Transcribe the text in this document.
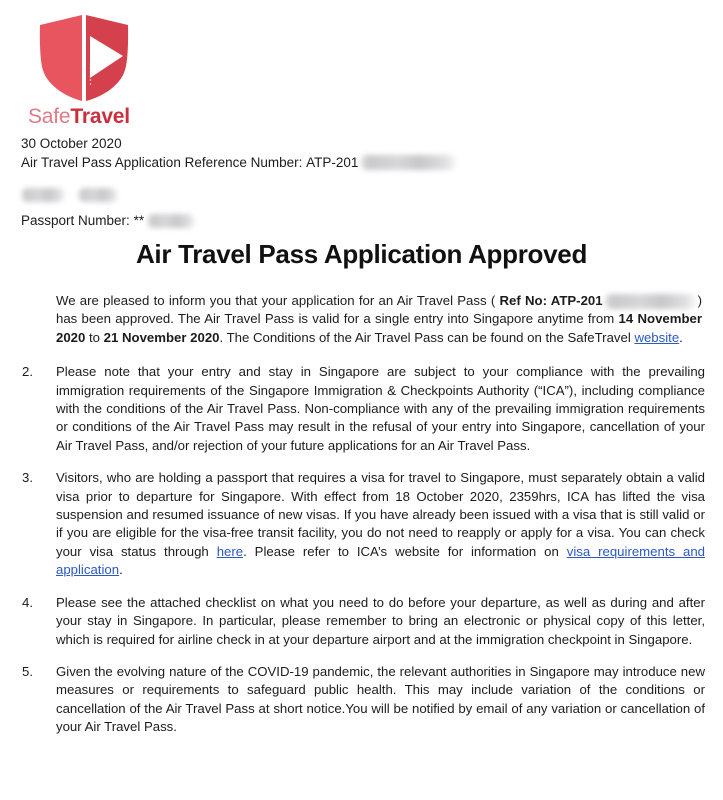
SafeTravel
30 October 2020
Air Travel Pass Application Reference Number:
ATP-201
Passport Number:
**
Air Travel Pass Application Approved
We are pleased to inform you that your application for an Air Travel Pass ( Ref No: ATP-201	) has been approved. The Air Travel Pass is valid for a single entry into Singapore anytime from 14 November 2020 to 21 November 2020. The Conditions of the Air Travel Pass can be found on the SafeTravel website.
2.	Please note that your entry and stay in Singapore are subject to your compliance with the prevailing immigration requirements of the Singapore Immigration & Checkpoints Authority (“ICA”), including compliance with the conditions of the Air Travel Pass. Non-compliance with any of the prevailing immigration requirements or conditions of the Air Travel Pass may result in the refusal of your entry into Singapore, cancellation of your Air Travel Pass, and/or rejection of your future applications for an Air Travel Pass.
3.	Visitors, who are holding a passport that requires a visa for travel to Singapore, must separately obtain a valid visa prior to departure for Singapore. With effect from 18 October 2020, 2359hrs, ICA has lifted the visa suspension and resumed issuance of new visas. If you have already been issued with a visa that is still valid or if you are eligible for the visa-free transit facility, you do not need to reapply or apply for a visa. You can check your visa status through here. Please refer to ICA’s website for information on visa requirements and application.
4.	Please see the attached checklist on what you need to do before your departure, as well as during and after your stay in Singapore. In particular, please remember to bring an electronic or physical copy of this letter, which is required for airline check in at your departure airport and at the immigration checkpoint in Singapore.
5.	Given the evolving nature of the COVID-19 pandemic, the relevant authorities in Singapore may introduce new measures or requirements to safeguard public health. This may include variation of the conditions or cancellation of the Air Travel Pass at short notice.You will be notified by email of any variation or cancellation of your Air Travel Pass.
